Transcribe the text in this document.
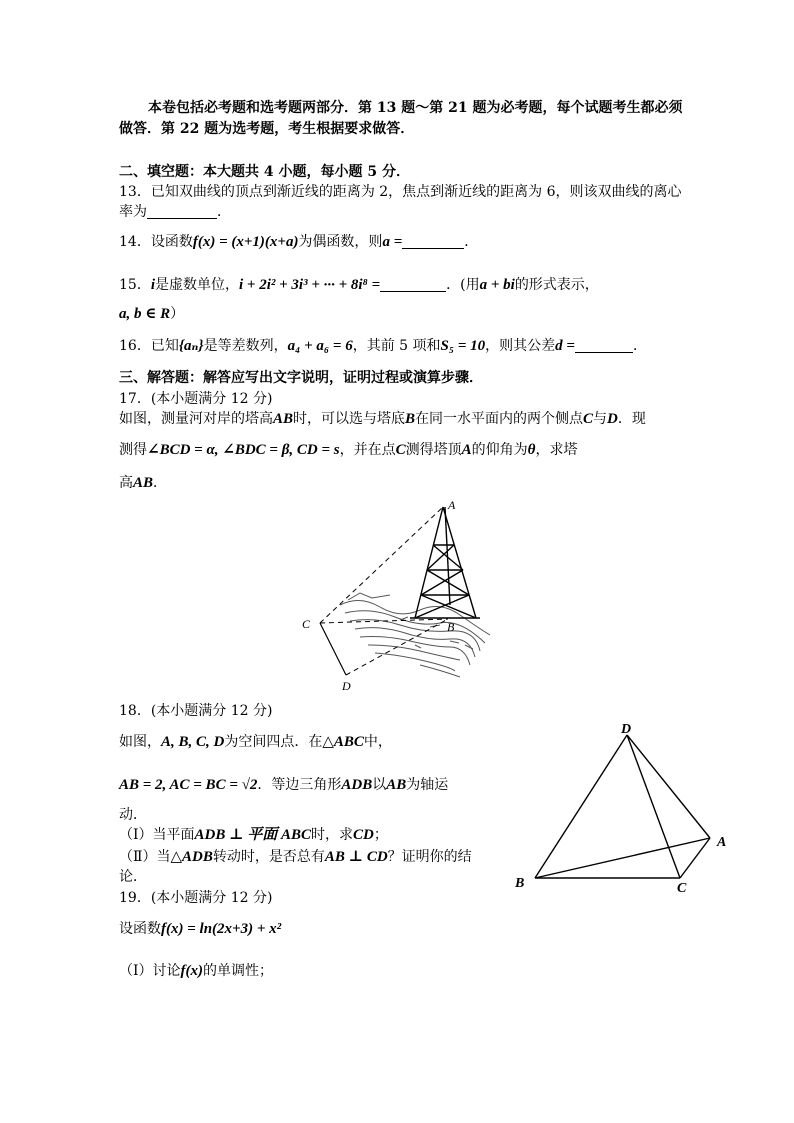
本卷包括必考题和选考题两部分．第 13 题～第 21 题为必考题，每个试题考生都必须
做答．第 22 题为选考题，考生根据要求做答．
二、填空题：本大题共 4 小题，每小题 5 分．
13．已知双曲线的顶点到渐近线的距离为 2，焦点到渐近线的距离为 6，则该双曲线的离心
率为	．
14．设函数f(x) = (x+1)(x+a)为偶函数，则a =	．
15．i是虚数单位，i + 2i² + 3i³ + ··· + 8i⁸ =	．(用a + bi的形式表示，
a, b ∈ R）
16．已知{aₙ}是等差数列，a₄ + a₆ = 6，其前 5 项和S₅ = 10，则其公差d =	．
三、解答题：解答应写出文字说明，证明过程或演算步骤．
17．(本小题满分 12 分)
如图，测量河对岸的塔高AB时，可以选与塔底B在同一水平面内的两个侧点C与D．现
测得∠BCD = α, ∠BDC = β, CD = s，并在点C测得塔顶A的仰角为θ，求塔
高AB．
A
B
C
D
18．(本小题满分 12 分)
如图，A, B, C, D为空间四点．在△ABC中，
AB = 2, AC = BC = √2．等边三角形ADB以AB为轴运
动．
（Ⅰ）当平面ADB ⊥ 平面 ABC时，求CD；
（Ⅱ）当△ADB转动时，是否总有AB ⊥ CD？证明你的结
论．
D
A
B	C
19．(本小题满分 12 分)
设函数f(x) = ln(2x+3) + x²
（Ⅰ）讨论f(x)的单调性；
